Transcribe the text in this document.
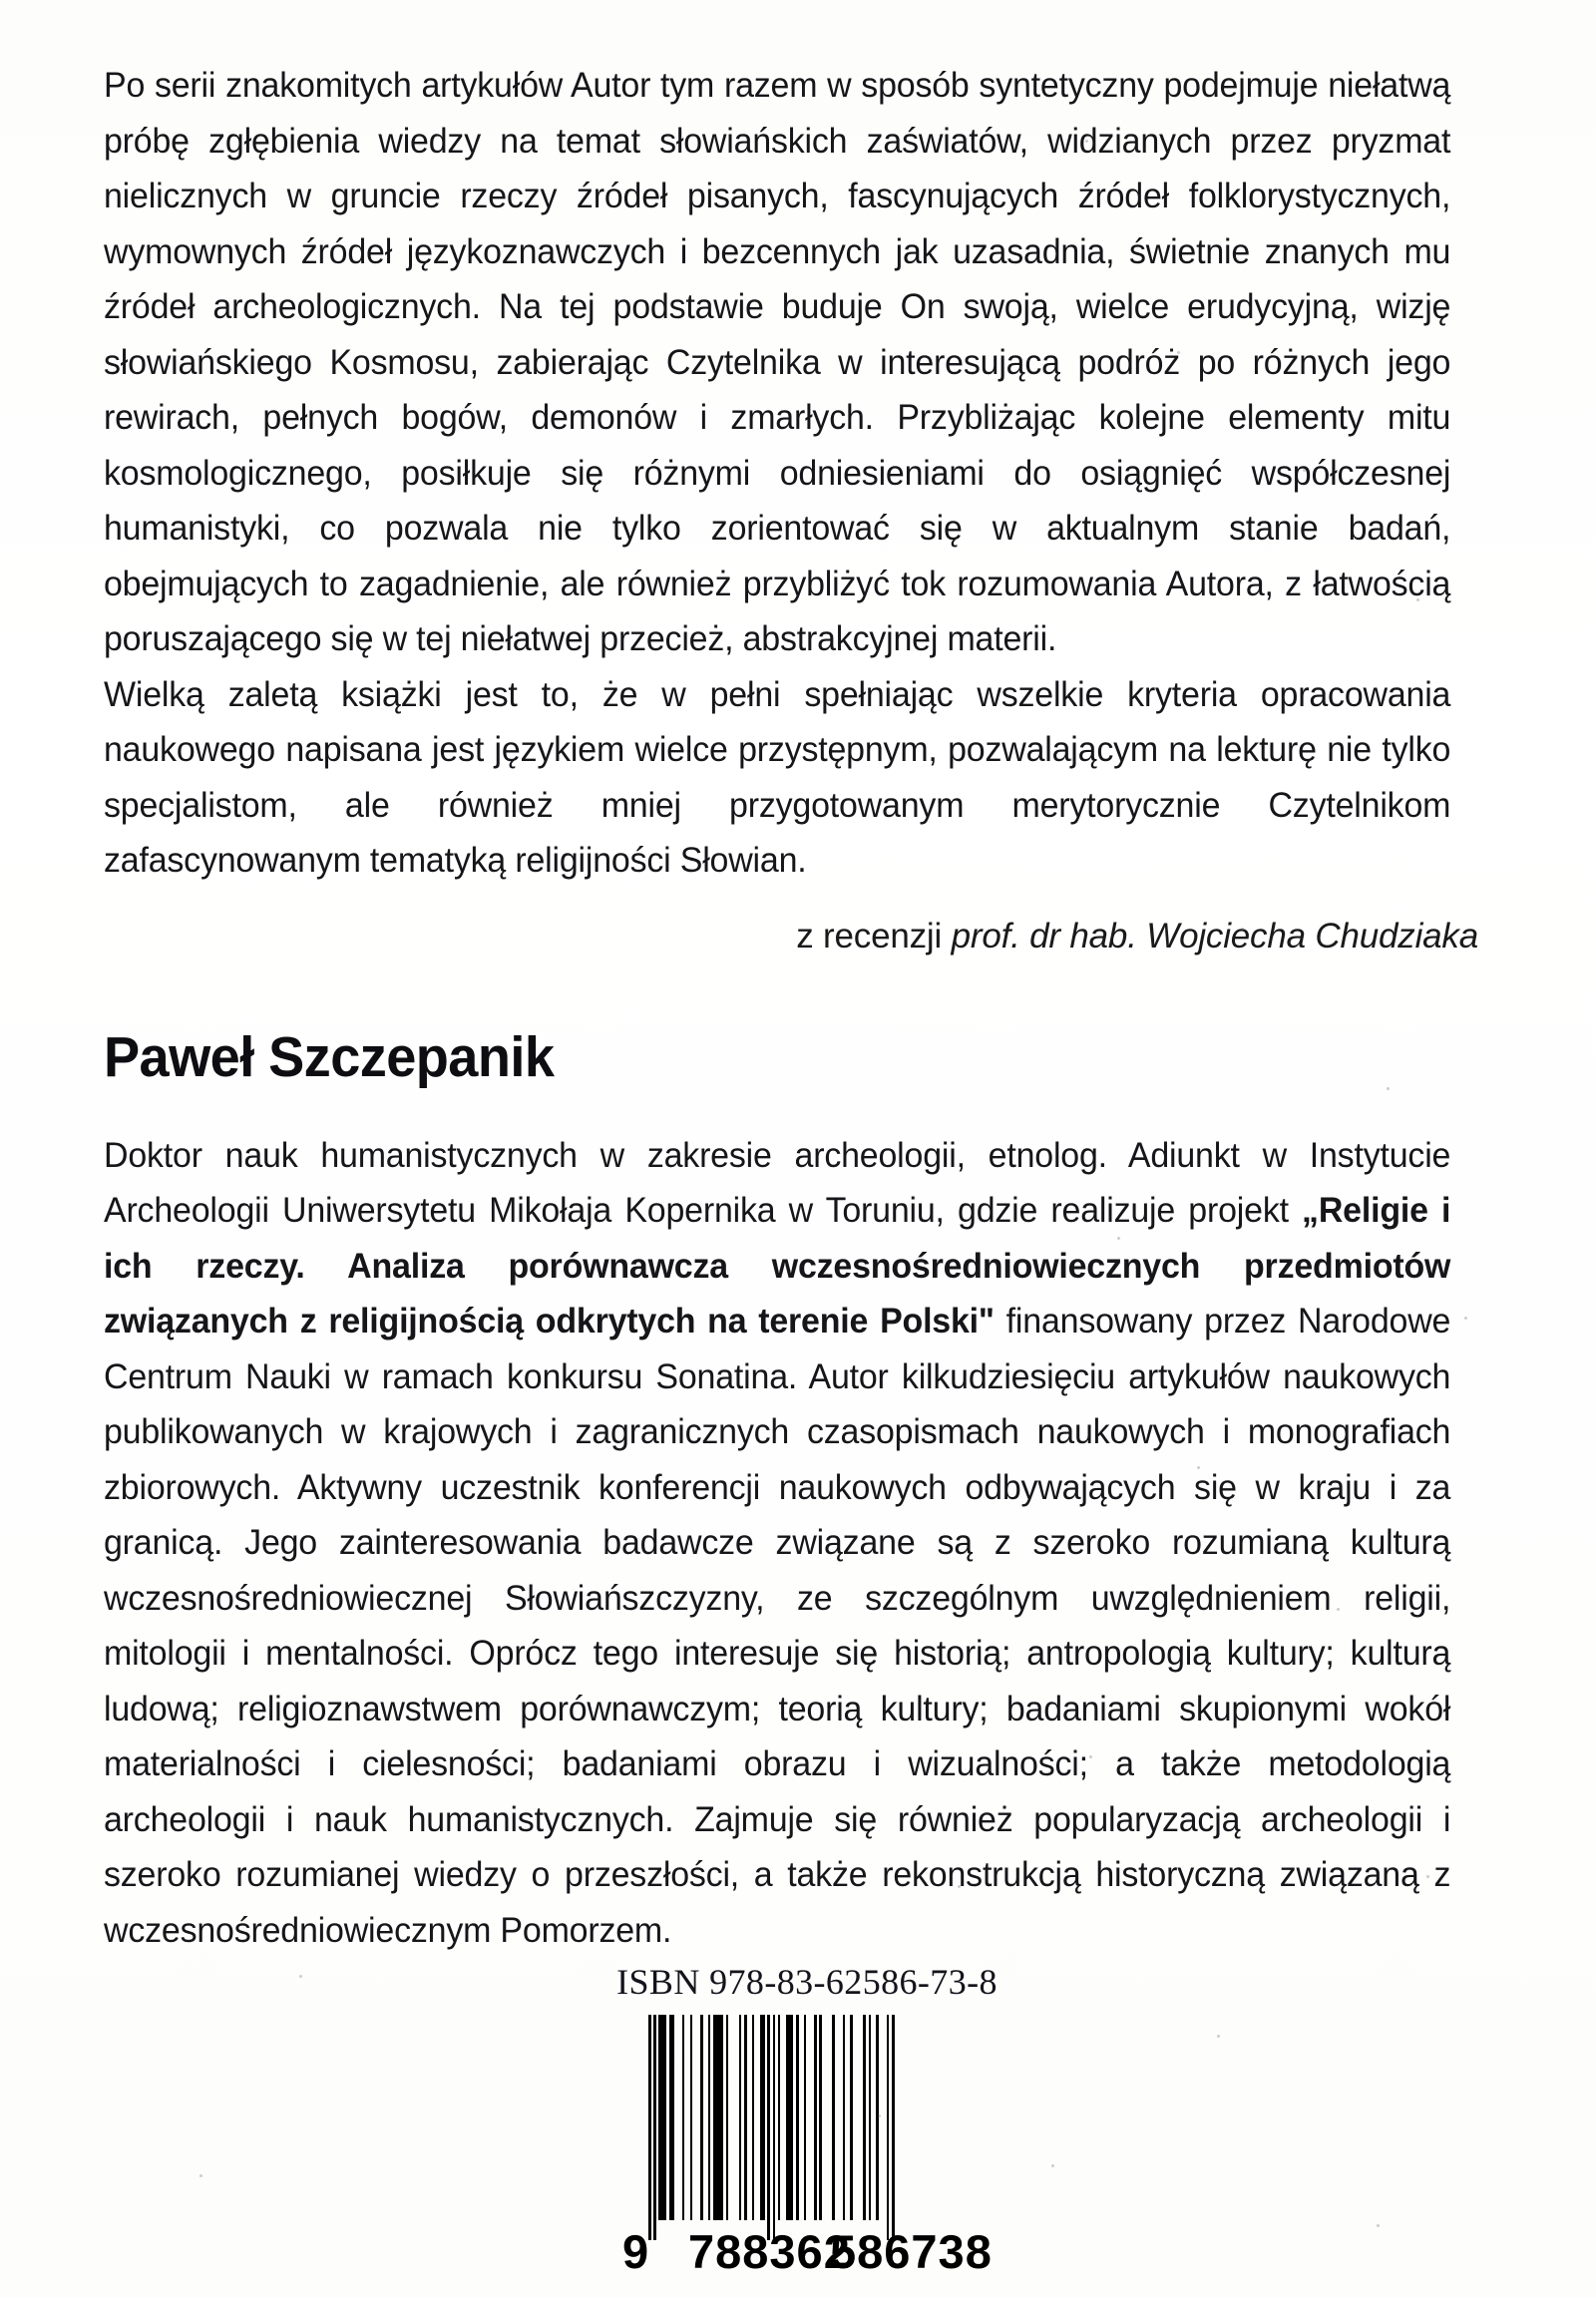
Po serii znakomitych artykułów Autor tym razem w sposób syntetyczny podejmuje niełatwą próbę zgłębienia wiedzy na temat słowiańskich zaświatów, widzianych przez pryzmat nielicznych w gruncie rzeczy źródeł pisanych, fascynujących źródeł folklorystycznych, wymownych źródeł językoznawczych i bezcennych jak uzasadnia, świetnie znanych mu źródeł archeologicznych. Na tej podstawie buduje On swoją, wielce erudycyjną, wizję słowiańskiego Kosmosu, zabierając Czytelnika w interesującą podróż po różnych jego rewirach, pełnych bogów, demonów i zmarłych. Przybliżając kolejne elementy mitu kosmologicznego, posiłkuje się różnymi odniesieniami do osiągnięć współczesnej humanistyki, co pozwala nie tylko zorientować się w aktualnym stanie badań, obejmujących to zagadnienie, ale również przybliżyć tok rozumowania Autora, z łatwością poruszającego się w tej niełatwej przecież, abstrakcyjnej materii.

Wielką zaletą książki jest to, że w pełni spełniając wszelkie kryteria opracowania naukowego napisana jest językiem wielce przystępnym, pozwalającym na lekturę nie tylko specjalistom, ale również mniej przygotowanym merytorycznie Czytelnikom zafascynowanym tematyką religijności Słowian.

z recenzji prof. dr hab. Wojciecha Chudziaka
Paweł Szczepanik

Doktor nauk humanistycznych w zakresie archeologii, etnolog. Adiunkt w Instytucie Archeologii Uniwersytetu Mikołaja Kopernika w Toruniu, gdzie realizuje projekt „Religie i ich rzeczy. Analiza porównawcza wczesnośredniowiecznych przedmiotów związanych z religijnością odkrytych na terenie Polski" finansowany przez Narodowe Centrum Nauki w ramach konkursu Sonatina. Autor kilkudziesięciu artykułów naukowych publikowanych w krajowych i zagranicznych czasopismach naukowych i monografiach zbiorowych. Aktywny uczestnik konferencji naukowych odbywających się w kraju i za granicą. Jego zainteresowania badawcze związane są z szeroko rozumianą kulturą wczesnośredniowiecznej Słowiańszczyzny, ze szczególnym uwzględnieniem religii, mitologii i mentalności. Oprócz tego interesuje się historią; antropologią kultury; kulturą ludową; religioznawstwem porównawczym; teorią kultury; badaniami skupionymi wokół materialności i cielesności; badaniami obrazu i wizualności; a także metodologią archeologii i nauk humanistycznych. Zajmuje się również popularyzacją archeologii i szeroko rozumianej wiedzy o przeszłości, a także rekonstrukcją historyczną związaną z wczesnośredniowiecznym Pomorzem.

ISBN 978-83-62586-73-8
9 788362
586738
